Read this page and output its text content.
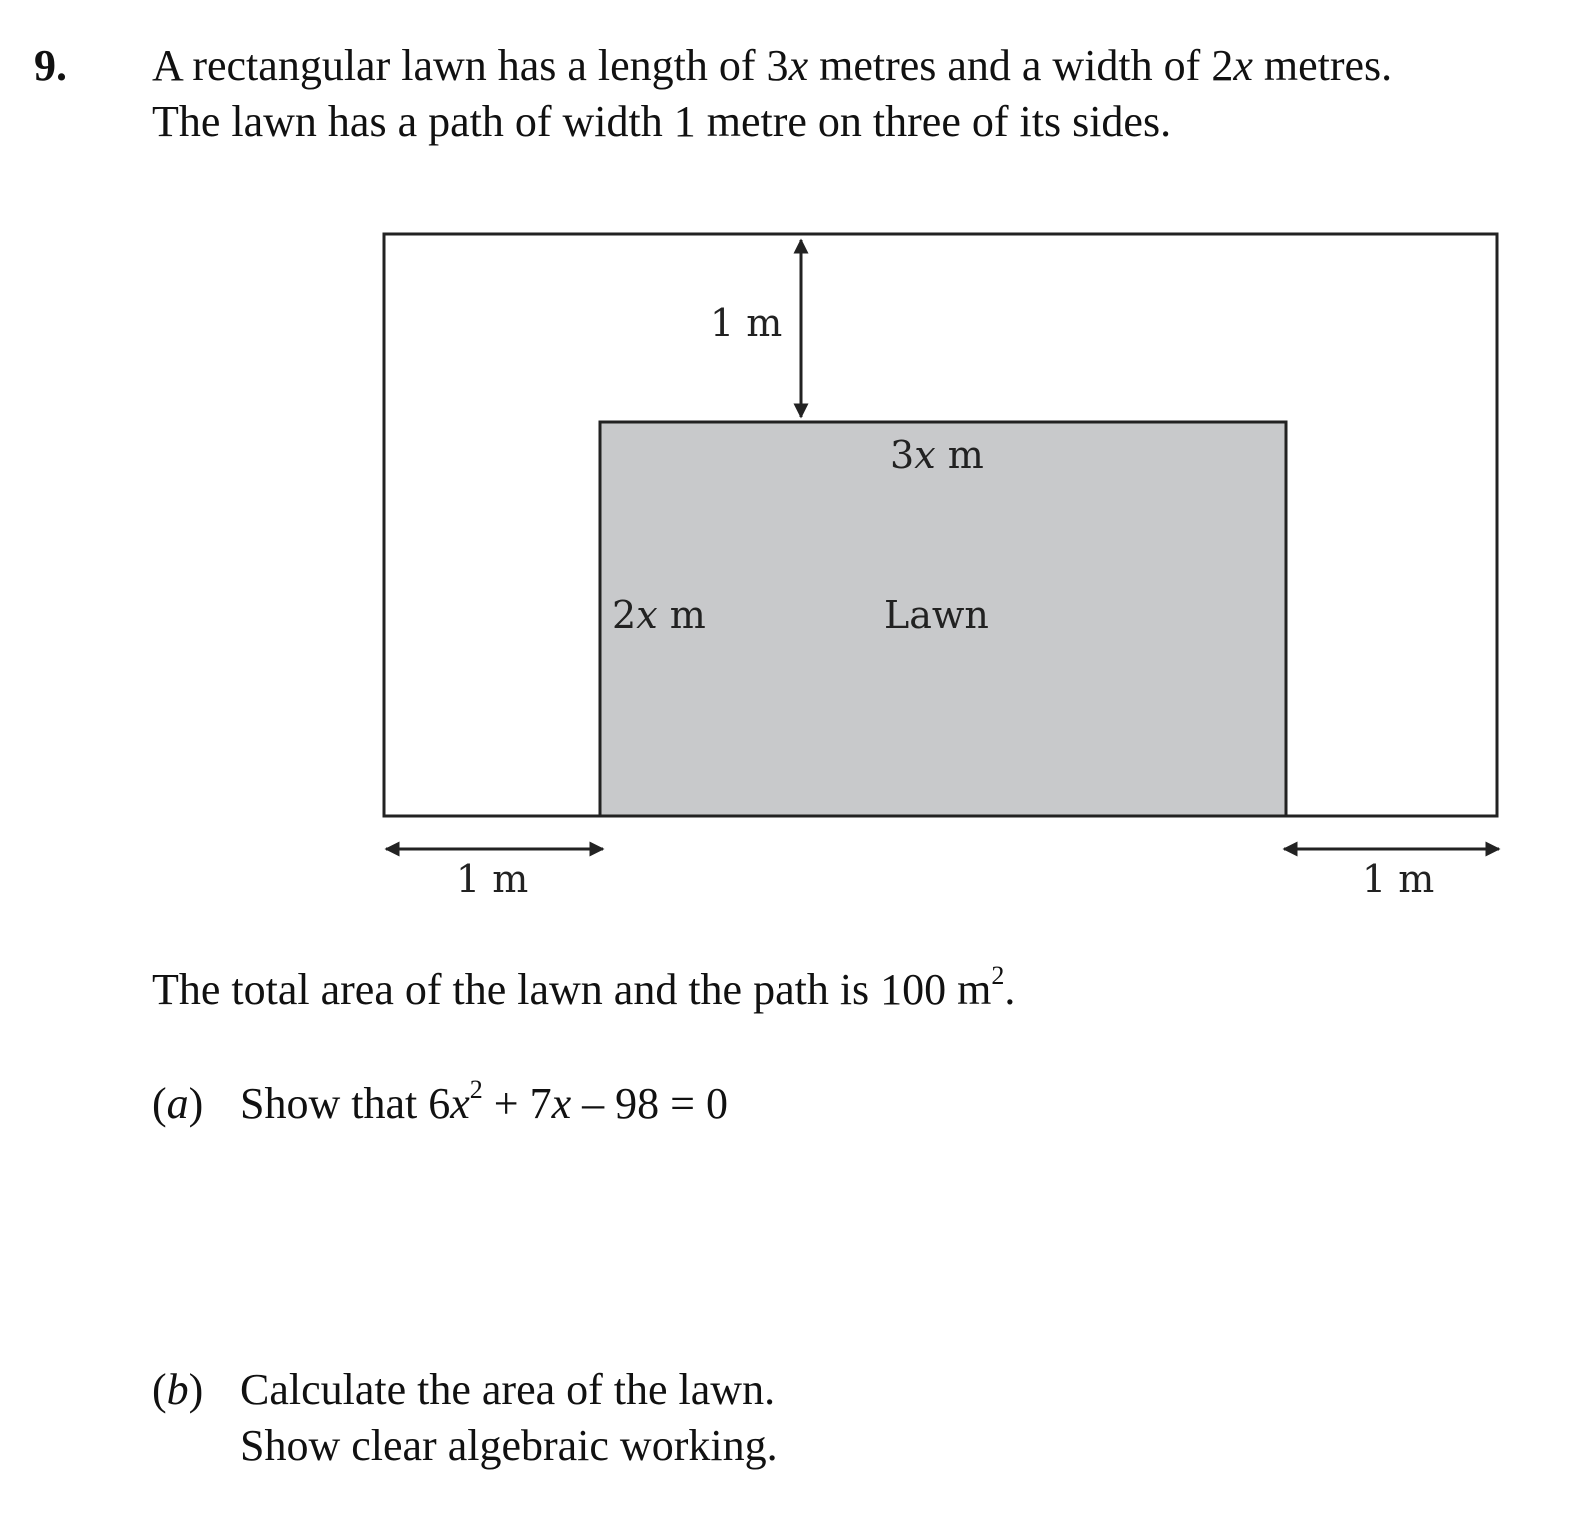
9. A rectangular lawn has a length of 3x metres and a width of 2x metres.
The lawn has a path of width 1 metre on three of its sides.
1 m
3x m
2x m	Lawn
1 m	1 m
The total area of the lawn and the path is 100 $m^2$.
(a) Show that $6x^2 + 7x - 98 = 0$
(b) Calculate the area of the lawn.
Show clear algebraic working.
